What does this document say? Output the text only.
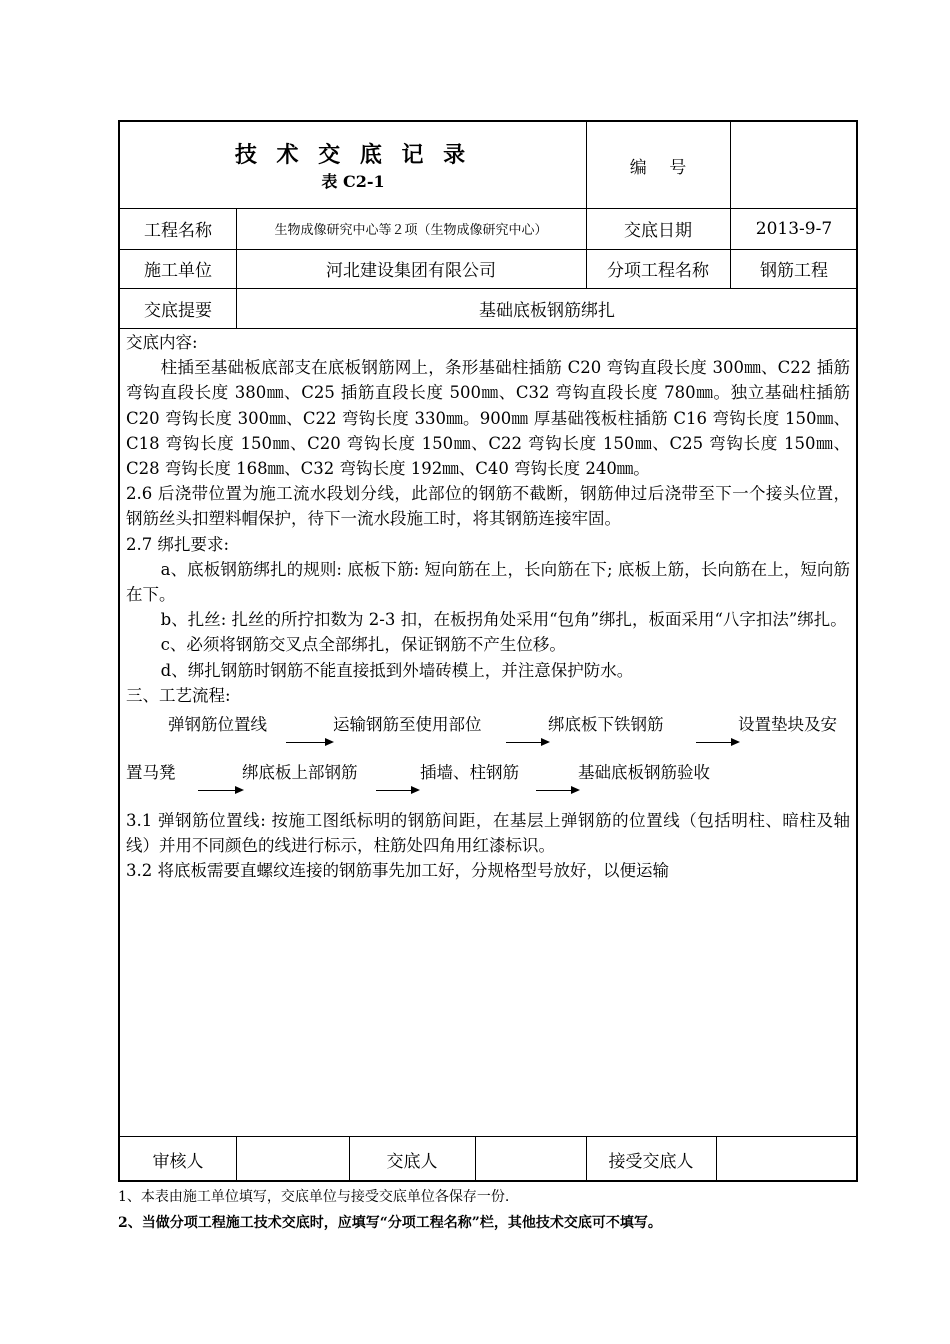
技 术 交 底 记 录
表 C2-1
编　 号
工程名称	生物成像研究中心等２项（生物成像研究中心）	交底日期	2013-9-7
施工单位	河北建设集团有限公司	分项工程名称	钢筋工程
交底提要	基础底板钢筋绑扎

交底内容:

柱插至基础板底部支在底板钢筋网上，条形基础柱插筋 C20 弯钩直段长度 300㎜、C22 插筋弯钩直段长度 380㎜、C25 插筋直段长度 500㎜、C32 弯钩直段长度 780㎜。独立基础柱插筋 C20 弯钩长度 300㎜、C22 弯钩长度 330㎜。900㎜ 厚基础筏板柱插筋 C16 弯钩长度 150㎜、C18 弯钩长度 150㎜、C20 弯钩长度 150㎜、C22 弯钩长度 150㎜、C25 弯钩长度 150㎜、C28 弯钩长度 168㎜、C32 弯钩长度 192㎜、C40 弯钩长度 240㎜。

2.6 后浇带位置为施工流水段划分线，此部位的钢筋不截断，钢筋伸过后浇带至下一个接头位置，钢筋丝头扣塑料帽保护，待下一流水段施工时，将其钢筋连接牢固。

2.7 绑扎要求:

a、底板钢筋绑扎的规则: 底板下筋: 短向筋在上，长向筋在下; 底板上筋，长向筋在上，短向筋在下。

b、扎丝: 扎丝的所拧扣数为 2-3 扣，在板拐角处采用“包角”绑扎，板面采用“八字扣法”绑扎。

c、必须将钢筋交叉点全部绑扎，保证钢筋不产生位移。

d、绑扎钢筋时钢筋不能直接抵到外墙砖模上，并注意保护防水。

三、工艺流程:

弹钢筋位置线	运输钢筋至使用部位	绑底板下铁钢筋	设置垫块及安
置马凳	绑底板上部钢筋	插墙、柱钢筋	基础底板钢筋验收

3.1 弹钢筋位置线: 按施工图纸标明的钢筋间距，在基层上弹钢筋的位置线（包括明柱、暗柱及轴线）并用不同颜色的线进行标示，柱筋处四角用红漆标识。

3.2 将底板需要直螺纹连接的钢筋事先加工好，分规格型号放好，以便运输

审核人	交底人	接受交底人
1、本表由施工单位填写，交底单位与接受交底单位各保存一份.
2、当做分项工程施工技术交底时，应填写“分项工程名称”栏，其他技术交底可不填写。
